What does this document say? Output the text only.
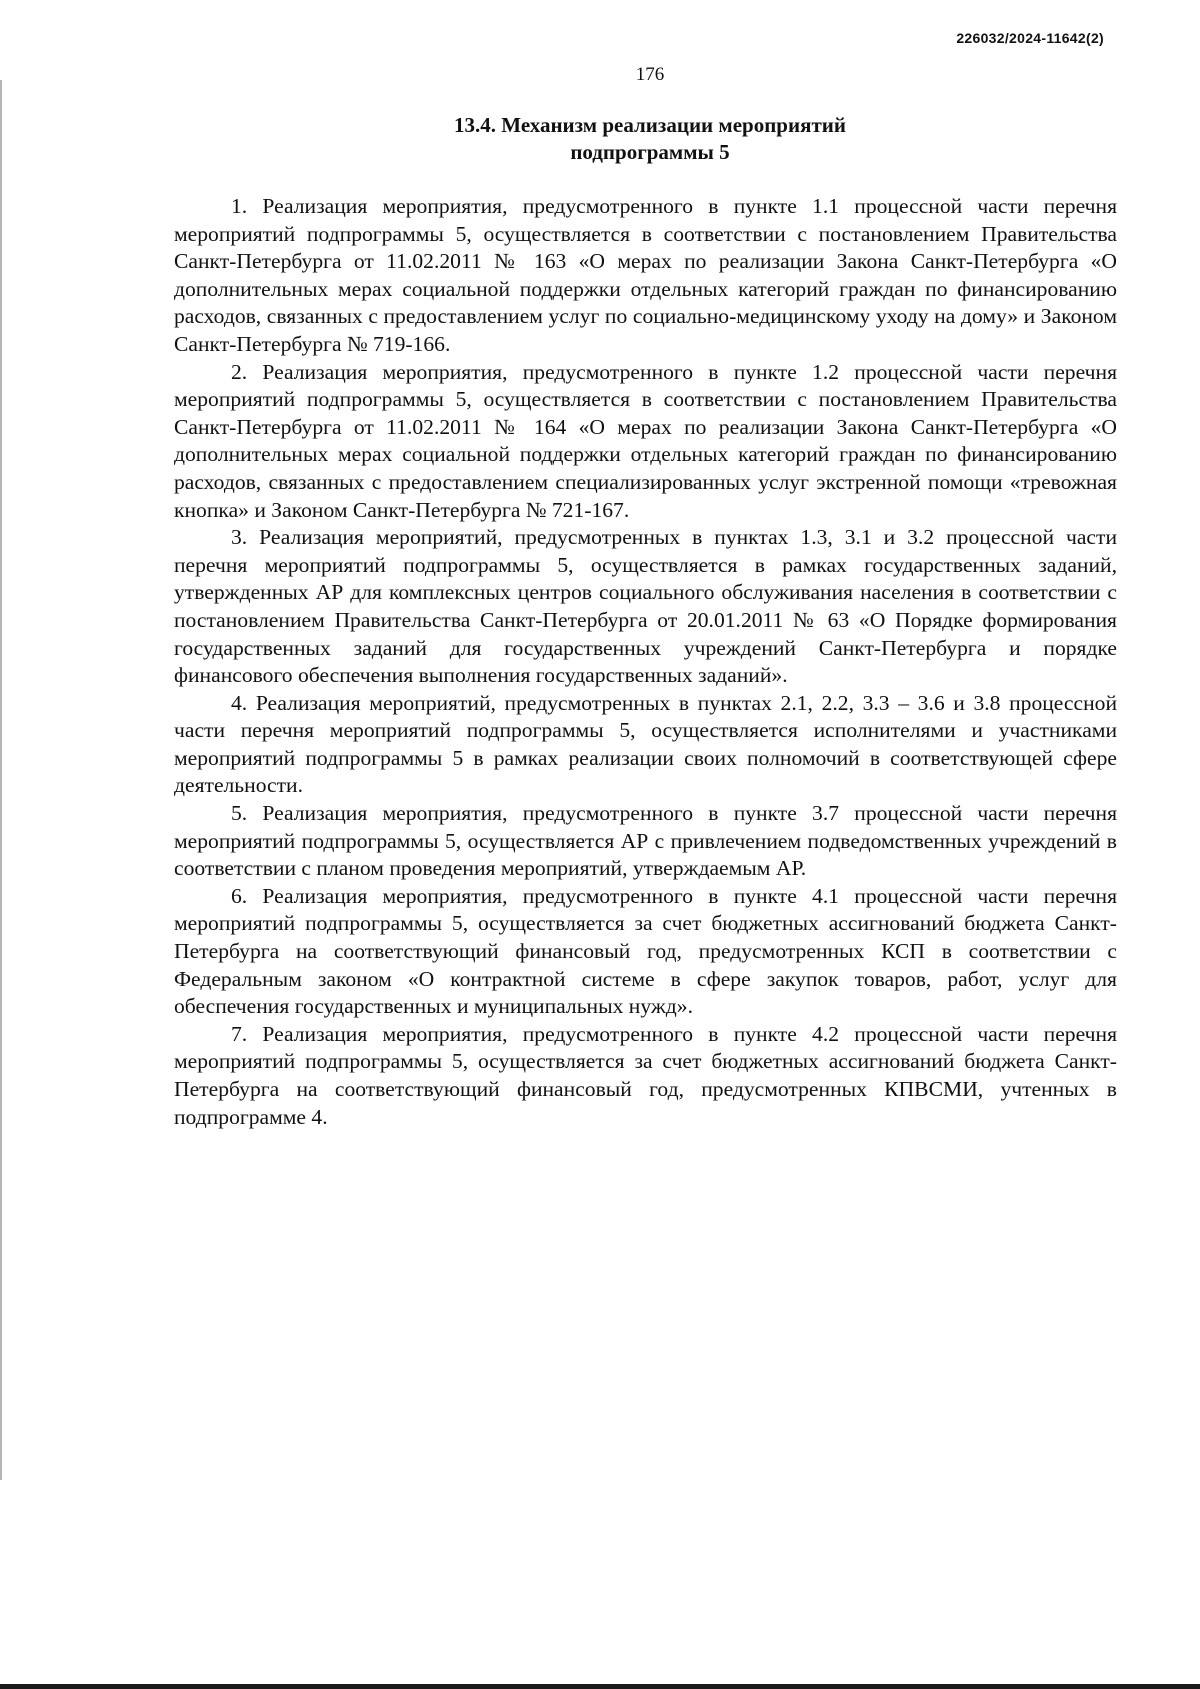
226032/2024-11642(2)
176
13.4. Механизм реализации мероприятий
подпрограммы 5

1. Реализация мероприятия, предусмотренного в пункте 1.1 процессной части перечня мероприятий подпрограммы 5, осуществляется в соответствии с постановлением Правительства Санкт-Петербурга от 11.02.2011 № 163 «О мерах по реализации Закона Санкт-Петербурга «О дополнительных мерах социальной поддержки отдельных категорий граждан по финансированию расходов, связанных с предоставлением услуг по социально-медицинскому уходу на дому» и Законом Санкт-Петербурга № 719-166.

2. Реализация мероприятия, предусмотренного в пункте 1.2 процессной части перечня мероприятий подпрограммы 5, осуществляется в соответствии с постановлением Правительства Санкт-Петербурга от 11.02.2011 № 164 «О мерах по реализации Закона Санкт-Петербурга «О дополнительных мерах социальной поддержки отдельных категорий граждан по финансированию расходов, связанных с предоставлением специализированных услуг экстренной помощи «тревожная кнопка» и Законом Санкт-Петербурга № 721-167.

3. Реализация мероприятий, предусмотренных в пунктах 1.3, 3.1 и 3.2 процессной части перечня мероприятий подпрограммы 5, осуществляется в рамках государственных заданий, утвержденных АР для комплексных центров социального обслуживания населения в соответствии с постановлением Правительства Санкт-Петербурга от 20.01.2011 № 63 «О Порядке формирования государственных заданий для государственных учреждений Санкт-Петербурга и порядке финансового обеспечения выполнения государственных заданий».

4. Реализация мероприятий, предусмотренных в пунктах 2.1, 2.2, 3.3 – 3.6 и 3.8 процессной части перечня мероприятий подпрограммы 5, осуществляется исполнителями и участниками мероприятий подпрограммы 5 в рамках реализации своих полномочий в соответствующей сфере деятельности.

5. Реализация мероприятия, предусмотренного в пункте 3.7 процессной части перечня мероприятий подпрограммы 5, осуществляется АР с привлечением подведомственных учреждений в соответствии с планом проведения мероприятий, утверждаемым АР.

6. Реализация мероприятия, предусмотренного в пункте 4.1 процессной части перечня мероприятий подпрограммы 5, осуществляется за счет бюджетных ассигнований бюджета Санкт-Петербурга на соответствующий финансовый год, предусмотренных КСП в соответствии с Федеральным законом «О контрактной системе в сфере закупок товаров, работ, услуг для обеспечения государственных и муниципальных нужд».

7. Реализация мероприятия, предусмотренного в пункте 4.2 процессной части перечня мероприятий подпрограммы 5, осуществляется за счет бюджетных ассигнований бюджета Санкт-Петербурга на соответствующий финансовый год, предусмотренных КПВСМИ, учтенных в подпрограмме 4.
